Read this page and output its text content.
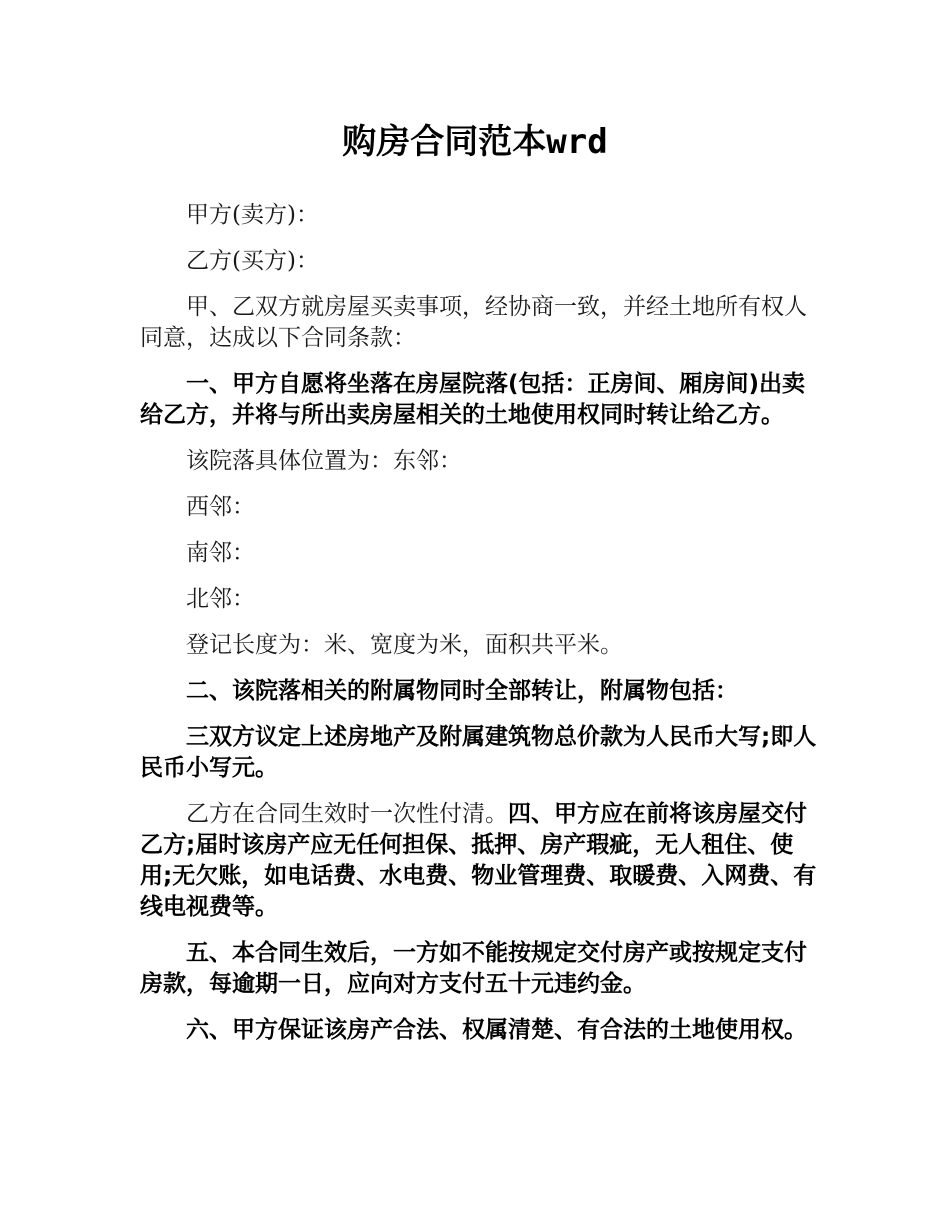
购房合同范本wrd

甲方(卖方)：

乙方(买方)：

甲、乙双方就房屋买卖事项，经协商一致，并经土地所有权人同意，达成以下合同条款：

一、甲方自愿将坐落在房屋院落(包括：正房间、厢房间)出卖给乙方，并将与所出卖房屋相关的土地使用权同时转让给乙方。

该院落具体位置为：东邻：

西邻：

南邻：

北邻：

登记长度为：米、宽度为米，面积共平米。

二、该院落相关的附属物同时全部转让，附属物包括：

三双方议定上述房地产及附属建筑物总价款为人民币大写;即人民币小写元。

乙方在合同生效时一次性付清。四、甲方应在前将该房屋交付乙方;届时该房产应无任何担保、抵押、房产瑕疵，无人租住、使用;无欠账，如电话费、水电费、物业管理费、取暖费、入网费、有线电视费等。

五、本合同生效后，一方如不能按规定交付房产或按规定支付房款，每逾期一日，应向对方支付五十元违约金。

六、甲方保证该房产合法、权属清楚、有合法的土地使用权。
